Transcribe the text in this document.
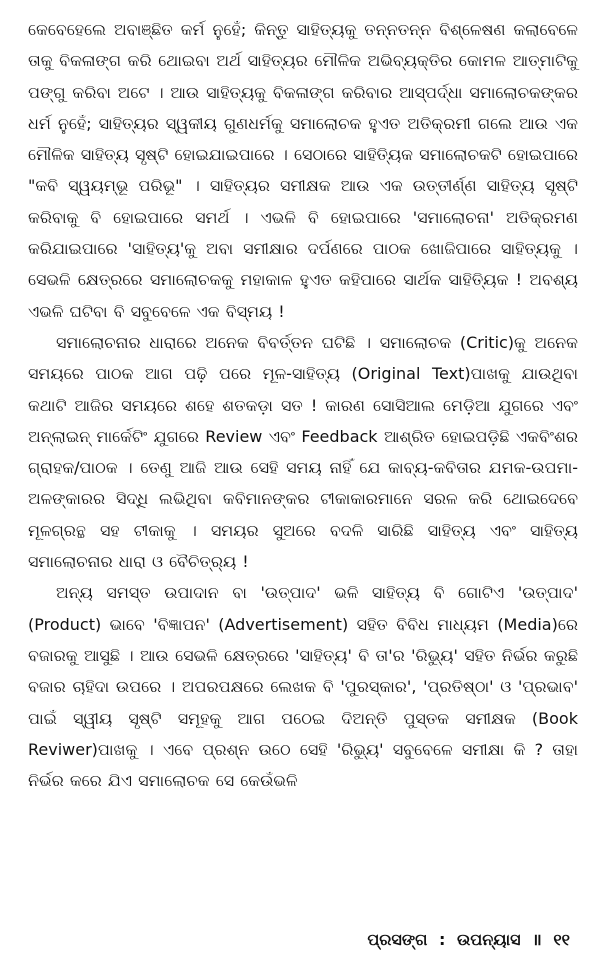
କେବେହେଲେ ଅବାଞ୍ଛିତ କର୍ମ ନୁହେଁ; କିନ୍ତୁ ସାହିତ୍ୟକୁ ତନ୍ନତନ୍ନ ବିଶ୍ଳେଷଣ କଲାବେଳେ ତାକୁ ବିକଳାଙ୍ଗ କରି ଥୋଇବା ଅର୍ଥ ସାହିତ୍ୟର ମୌଳିକ ଅଭିବ୍ୟକ୍ତିର କୋମଳ ଆତ୍ମାଟିକୁ ପଙ୍ଗୁ କରିବା ଅଟେ । ଆଉ ସାହିତ୍ୟକୁ ବିକଳାଙ୍ଗ କରିବାର ଆସ୍ପର୍ଦ୍ଧା ସମାଲୋଚକଙ୍କର ଧର୍ମ ନୁହେଁ; ସାହିତ୍ୟର ସ୍ୱକୀୟ ଗୁଣଧର୍ମକୁ ସମାଲୋଚକ ହୁଏତ ଅତିକ୍ରମୀ ଗଲେ ଆଉ ଏକ ମୌଳିକ ସାହିତ୍ୟ ସୃଷ୍ଟି ହୋଇଯାଇପାରେ । ସେଠାରେ ସାହିତ୍ୟିକ ସମାଲୋଚକଟି ହୋଇପାରେ "କବି ସ୍ୱୟମ୍ଭୂ ପରିଭୂ" । ସାହିତ୍ୟର ସମୀକ୍ଷକ ଆଉ ଏକ ଉତ୍ତୀର୍ଣ୍ଣ ସାହିତ୍ୟ ସୃଷ୍ଟି କରିବାକୁ ବି ହୋଇପାରେ ସମର୍ଥ । ଏଭଳି ବି ହୋଇପାରେ 'ସମାଲୋଚନା' ଅତିକ୍ରମଣ କରିଯାଇପାରେ 'ସାହିତ୍ୟ'କୁ ଅବା ସମୀକ୍ଷାର ଦର୍ପଣରେ ପାଠକ ଖୋଜିପାରେ ସାହିତ୍ୟକୁ । ସେଭଳି କ୍ଷେତ୍ରରେ ସମାଲୋଚକକୁ ମହାକାଳ ହୁଏତ କହିପାରେ ସାର୍ଥକ ସାହିତ୍ୟିକ ! ଅବଶ୍ୟ ଏଭଳି ଘଟିବା ବି ସବୁବେଳେ ଏକ ବିସ୍ମୟ !

ସମାଲୋଚନାର ଧାରାରେ ଅନେକ ବିବର୍ତ୍ତନ ଘଟିଛି । ସମାଲୋଚକ (Critic)କୁ ଅନେକ ସମୟରେ ପାଠକ ଆଗ ପଢ଼ି ପରେ ମୂଳ-ସାହିତ୍ୟ (Original Text)ପାଖକୁ ଯାଉଥିବା କଥାଟି ଆଜିର ସମୟରେ ଶହେ ଶତକଡ଼ା ସତ ! କାରଣ ସୋସିଆଲ ମେଡ଼ିଆ ଯୁଗରେ ଏବଂ ଅନ୍‌ଲାଇନ୍ ମାର୍କେଟିଂ ଯୁଗରେ Review ଏବଂ Feedback ଆଶ୍ରିତ ହୋଇପଡ଼ିଛି ଏକବିଂଶର ଗ୍ରାହକ/ପାଠକ । ତେଣୁ ଆଜି ଆଉ ସେହି ସମୟ ନାହିଁ ଯେ କାବ୍ୟ-କବିତାର ଯମକ-ଉପମା-ଅଳଙ୍କାରର ସିଦ୍ଧି ଲଭିଥିବା କବିମାନଙ୍କର ଟୀକାକାରମାନେ ସରଳ କରି ଥୋଇଦେବେ ମୂଳଗ୍ରନ୍ଥ ସହ ଟୀକାକୁ । ସମୟର ସୁଅରେ ବଦଳି ସାରିଛି ସାହିତ୍ୟ ଏବଂ ସାହିତ୍ୟ ସମାଲୋଚନାର ଧାରା ଓ ବୈଚିତ୍ର୍ୟ !

ଅନ୍ୟ ସମସ୍ତ ଉପାଦାନ ବା 'ଉତ୍ପାଦ' ଭଳି ସାହିତ୍ୟ ବି ଗୋଟିଏ 'ଉତ୍ପାଦ' (Product) ଭାବେ 'ବିଜ୍ଞାପନ' (Advertisement) ସହିତ ବିବିଧ ମାଧ୍ୟମ (Media)ରେ ବଜାରକୁ ଆସୁଛି । ଆଉ ସେଭଳି କ୍ଷେତ୍ରରେ 'ସାହିତ୍ୟ' ବି ତା'ର 'ରିଭ୍ୟୁ' ସହିତ ନିର୍ଭର କରୁଛି ବଜାର ଚାହିଦା ଉପରେ । ଅପରପକ୍ଷରେ ଲେଖକ ବି 'ପୁରସ୍କାର', 'ପ୍ରତିଷ୍ଠା' ଓ 'ପ୍ରଭାବ' ପାଇଁ ସ୍ୱୀୟ ସୃଷ୍ଟି ସମୂହକୁ ଆଗ ପଠେଇ ଦିଅନ୍ତି ପୁସ୍ତକ ସମୀକ୍ଷକ (Book Reviwer)ପାଖକୁ । ଏବେ ପ୍ରଶ୍ନ ଉଠେ ସେହି 'ରିଭ୍ୟୁ' ସବୁବେଳେ ସମୀକ୍ଷା କି ? ତାହା ନିର୍ଭର କରେ ଯିଏ ସମାଲୋଚକ ସେ କେଉଁଭଳି

ପ୍ରସଙ୍ଗ : ଉପନ୍ୟାସ ॥ ୧୧
